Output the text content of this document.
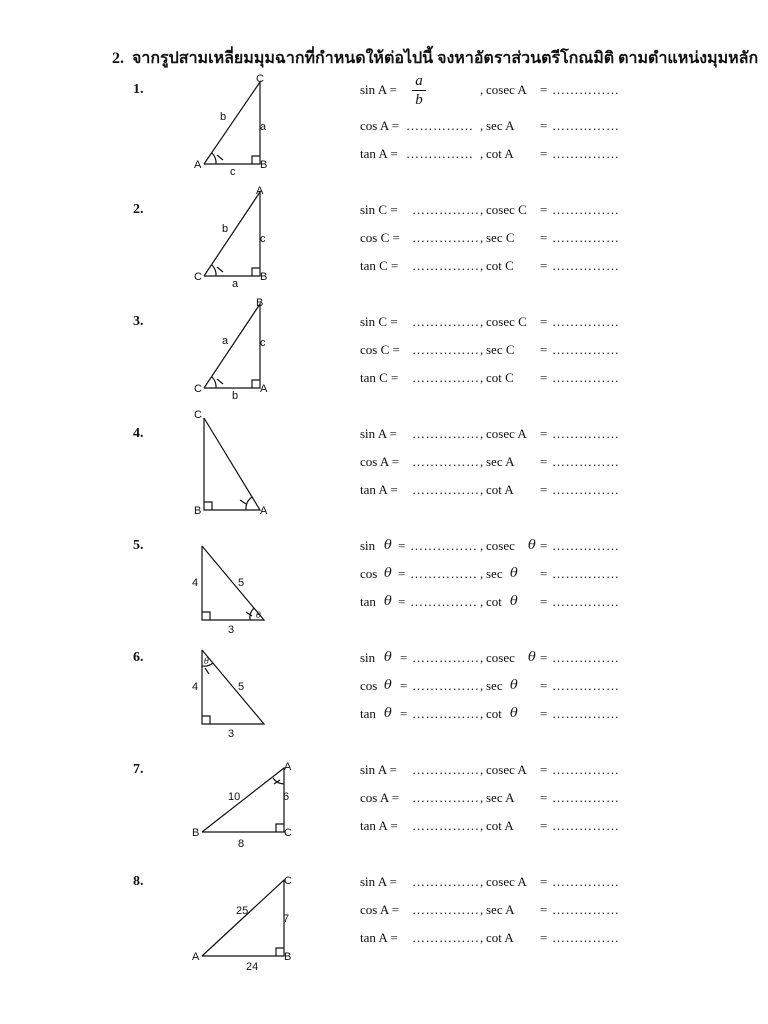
2. จากรูปสามเหลี่ยมมุมฉากที่กำหนดให้ต่อไปนี้ จงหาอัตราส่วนตรีโกณมิติ ตามตำแหน่งมุมหลัก
1.
C
A	B
b
a
c
sin A =	cosec A
,	= ……………
cos A = …………… , sec A = ……………
tan A = …………… , cot A = ……………
a
b
2.
A
C	B
b
c
a
sin C = …………… , cosec C = ……………
cos C = …………… , sec C = ……………
tan C = …………… , cot C = ……………
3.
B
C	A
a	c
b
sin C = …………… , cosec C = ……………
cos C = …………… , sec C = ……………
tan C = …………… , cot C = ……………
4.
C
B	A
sin A = …………… , cosec A = ……………
cos A = …………… , sec A = ……………
tan A = …………… , cot A = ……………
5.
θ
4	5
3
sin θ = …………… , cosec θ = ……………
cos θ = …………… , sec θ = ……………
tan θ = …………… , cot θ = ……………
6.	θ
4	5
3
sin θ = …………… , cosec θ = ……………
cos θ = …………… , sec θ = ……………
tan θ = …………… , cot θ = ……………
7.	A
B	C
10	6
8
sin A = …………… , cosec A = ……………
cos A = …………… , sec A = ……………
tan A = …………… , cot A = ……………
8.	C
A	B
25
7
24
sin A = …………… , cosec A = ……………
cos A = …………… , sec A = ……………
tan A = …………… , cot A = ……………
